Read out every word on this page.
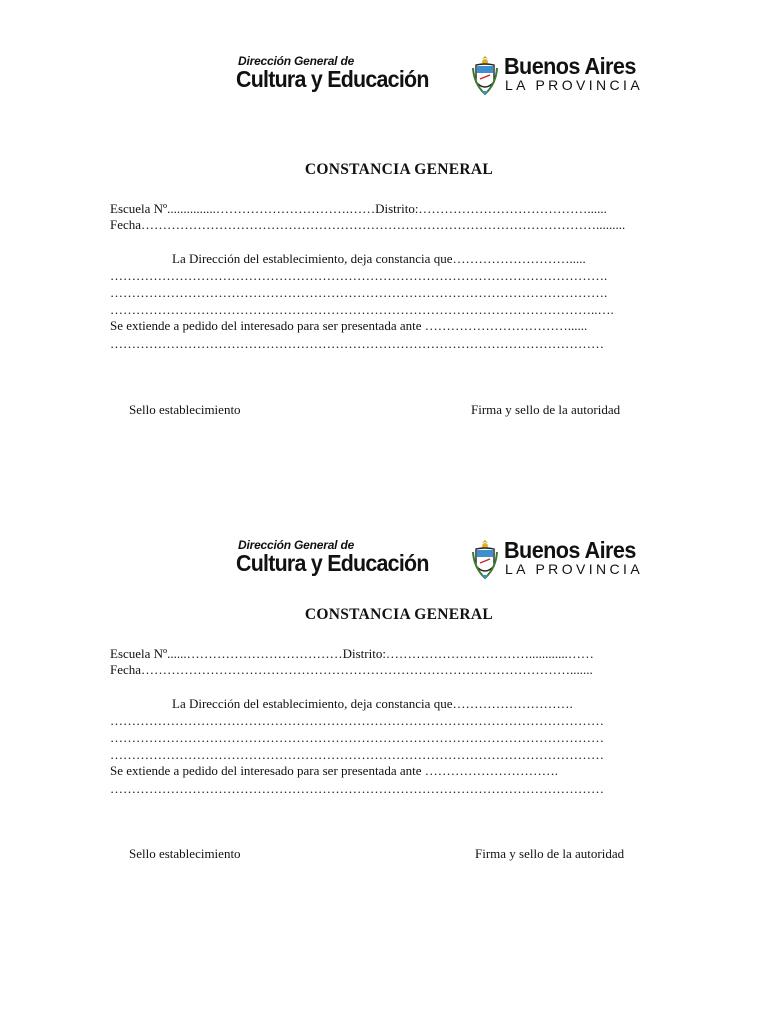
Dirección General de
Cultura y Educación	Buenos Aires
LA PROVINCIA
CONSTANCIA GENERAL
Escuela Nº...............………………………….……Distrito:…………………………………......
Fecha…………………………………………………………………………………………….........
La Dirección del establecimiento, deja constancia que……………………….....
…………………………………………………………………………………………………….
…………………………………………………………………………………………………….
…………………………………………………………………………………………………..….
Se extiende a pedido del interesado para ser presentada ante ……………………………......
……………………………………………………………………………………………………
Sello establecimiento	Firma y sello de la autoridad
Dirección General de
Cultura y Educación	Buenos Aires
LA PROVINCIA
CONSTANCIA GENERAL
Escuela Nº......………………………………Distrito:……………………………............……
Fecha……………………………………………………………………………………….......
La Dirección del establecimiento, deja constancia que……………………….
……………………………………………………………………………………………………
……………………………………………………………………………………………………
……………………………………………………………………………………………………
Se extiende a pedido del interesado para ser presentada ante ………………………….
……………………………………………………………………………………………………
Sello establecimiento	Firma y sello de la autoridad
